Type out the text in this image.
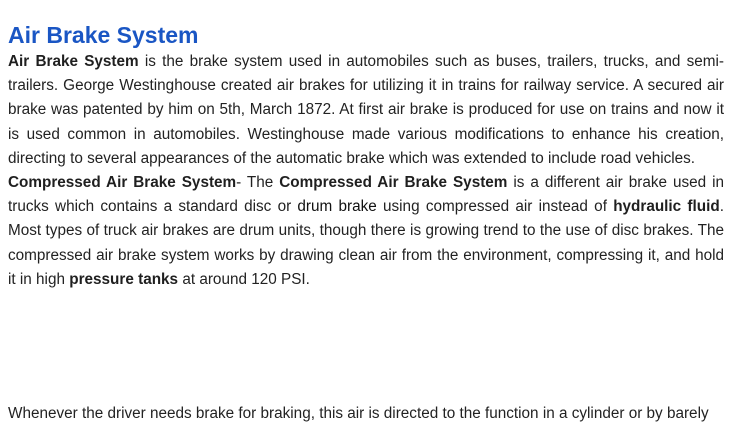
Air Brake System

Air Brake System is the brake system used in automobiles such as buses, trailers, trucks, and semi-trailers. George Westinghouse created air brakes for utilizing it in trains for railway service. A secured air brake was patented by him on 5th, March 1872. At first air brake is produced for use on trains and now it is used common in automobiles. Westinghouse made various modifications to enhance his creation, directing to several appearances of the automatic brake which was extended to include road vehicles.

Compressed Air Brake System- The Compressed Air Brake System is a different air brake used in trucks which contains a standard disc or drum brake using compressed air instead of hydraulic fluid. Most types of truck air brakes are drum units, though there is growing trend to the use of disc brakes. The compressed air brake system works by drawing clean air from the environment, compressing it, and hold it in high pressure tanks at around 120 PSI.

Whenever the driver needs brake for braking, this air is directed to the function in a cylinder or by barely
